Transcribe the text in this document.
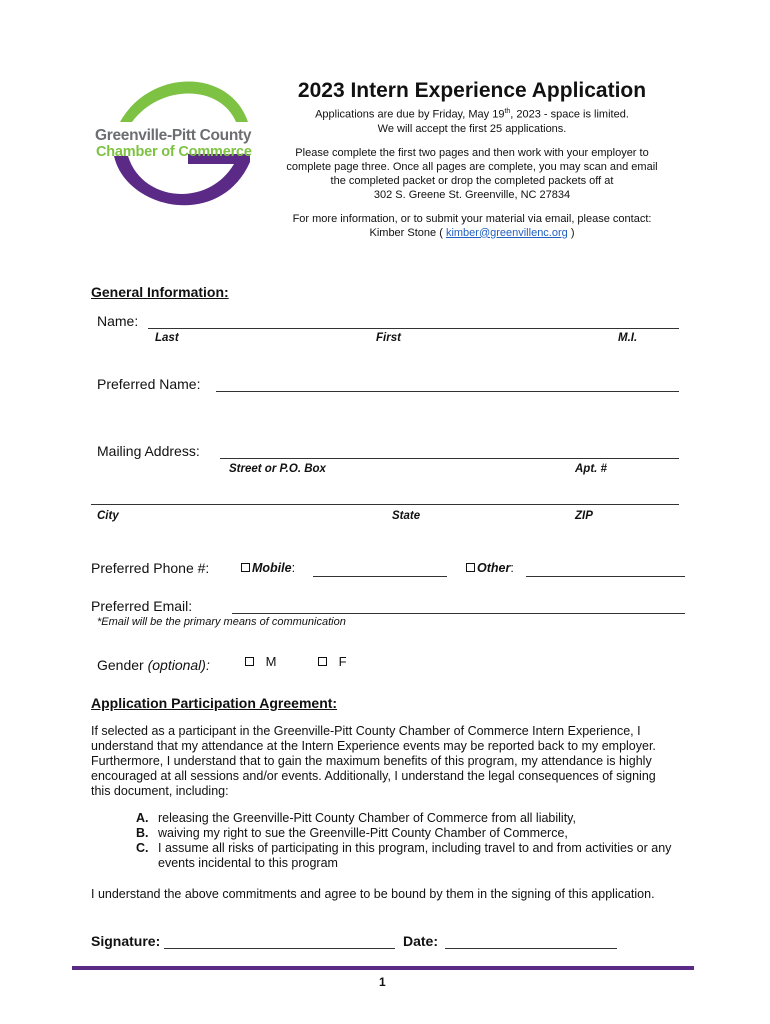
Greenville-Pitt County
Chamber of Commerce
2023 Intern Experience Application
Applications are due by Friday, May 19th, 2023 - space is limited.
We will accept the first 25 applications.
Please complete the first two pages and then work with your employer to
complete page three. Once all pages are complete, you may scan and email
the completed packet or drop the completed packets off at
302 S. Greene St. Greenville, NC 27834
For more information, or to submit your material via email, please contact:
Kimber Stone ( kimber@greenvillenc.org )
General Information:
Name:
Last	First	M.I.
Preferred Name:
Mailing Address:
Street or P.O. Box	Apt. #
City	State	ZIP
Preferred Phone #:	Mobile:	Other:
Preferred Email:
*Email will be the primary means of communication
Gender (optional):	M	F
Application Participation Agreement:
If selected as a participant in the Greenville-Pitt County Chamber of Commerce Intern Experience, I
understand that my attendance at the Intern Experience events may be reported back to my employer.
Furthermore, I understand that to gain the maximum benefits of this program, my attendance is highly
encouraged at all sessions and/or events. Additionally, I understand the legal consequences of signing
this document, including:
A. releasing the Greenville-Pitt County Chamber of Commerce from all liability,
B. waiving my right to sue the Greenville-Pitt County Chamber of Commerce,
C. I assume all risks of participating in this program, including travel to and from activities or any
events incidental to this program
I understand the above commitments and agree to be bound by them in the signing of this application.
Signature:	Date:
1
